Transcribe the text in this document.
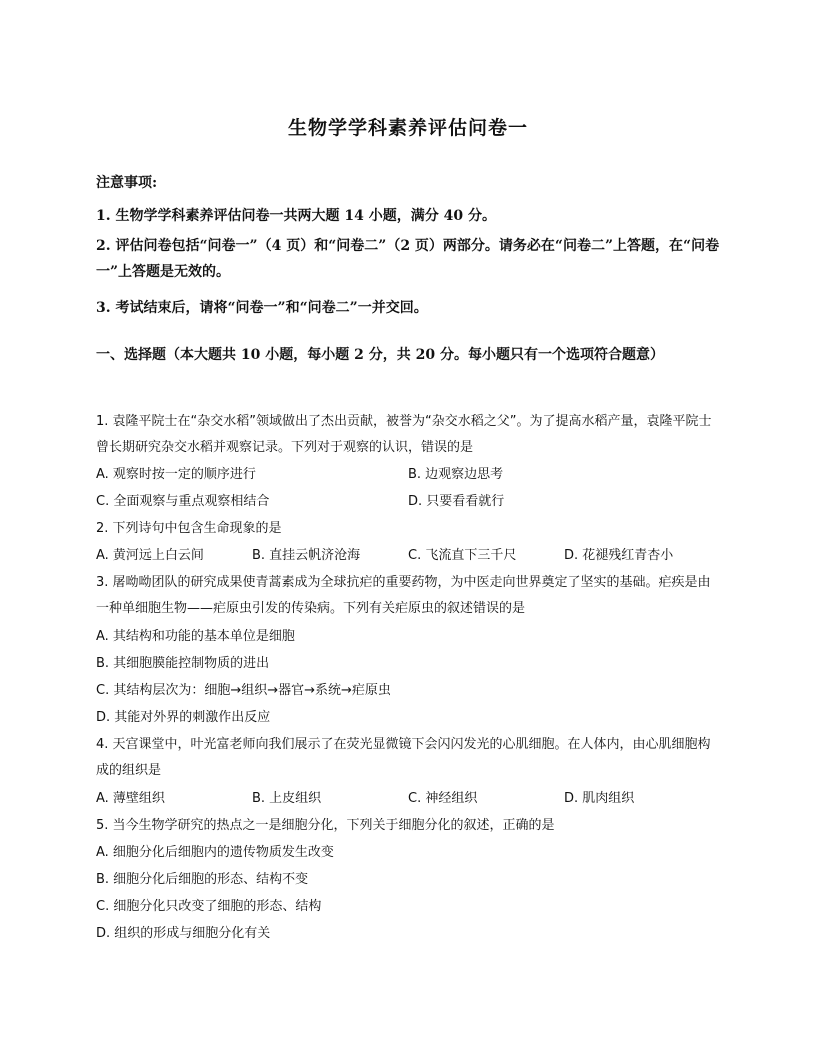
生物学学科素养评估问卷一
注意事项:
1. 生物学学科素养评估问卷一共两大题 14 小题，满分 40 分。
2. 评估问卷包括“问卷一”（4 页）和“问卷二”（2 页）两部分。请务必在“问卷二”上答题，在“问卷一”上答题是无效的。
3. 考试结束后，请将“问卷一”和“问卷二”一并交回。
一、选择题（本大题共 10 小题，每小题 2 分，共 20 分。每小题只有一个选项符合题意）
1. 袁隆平院士在“杂交水稻”领域做出了杰出贡献，被誉为“杂交水稻之父”。为了提高水稻产量，袁隆平院士曾长期研究杂交水稻并观察记录。下列对于观察的认识，错误的是
A. 观察时按一定的顺序进行	B. 边观察边思考
C. 全面观察与重点观察相结合	D. 只要看看就行
2. 下列诗句中包含生命现象的是
A. 黄河远上白云间	B. 直挂云帆济沧海	C. 飞流直下三千尺	D. 花褪残红青杏小
3. 屠呦呦团队的研究成果使青蒿素成为全球抗疟的重要药物，为中医走向世界奠定了坚实的基础。疟疾是由一种单细胞生物——疟原虫引发的传染病。下列有关疟原虫的叙述错误的是
A. 其结构和功能的基本单位是细胞
B. 其细胞膜能控制物质的进出
C. 其结构层次为：细胞→组织→器官→系统→疟原虫
D. 其能对外界的刺激作出反应
4. 天宫课堂中，叶光富老师向我们展示了在荧光显微镜下会闪闪发光的心肌细胞。在人体内，由心肌细胞构成的组织是
A. 薄壁组织	B. 上皮组织	C. 神经组织	D. 肌肉组织
5. 当今生物学研究的热点之一是细胞分化，下列关于细胞分化的叙述，正确的是
A. 细胞分化后细胞内的遗传物质发生改变
B. 细胞分化后细胞的形态、结构不变
C. 细胞分化只改变了细胞的形态、结构
D. 组织的形成与细胞分化有关
